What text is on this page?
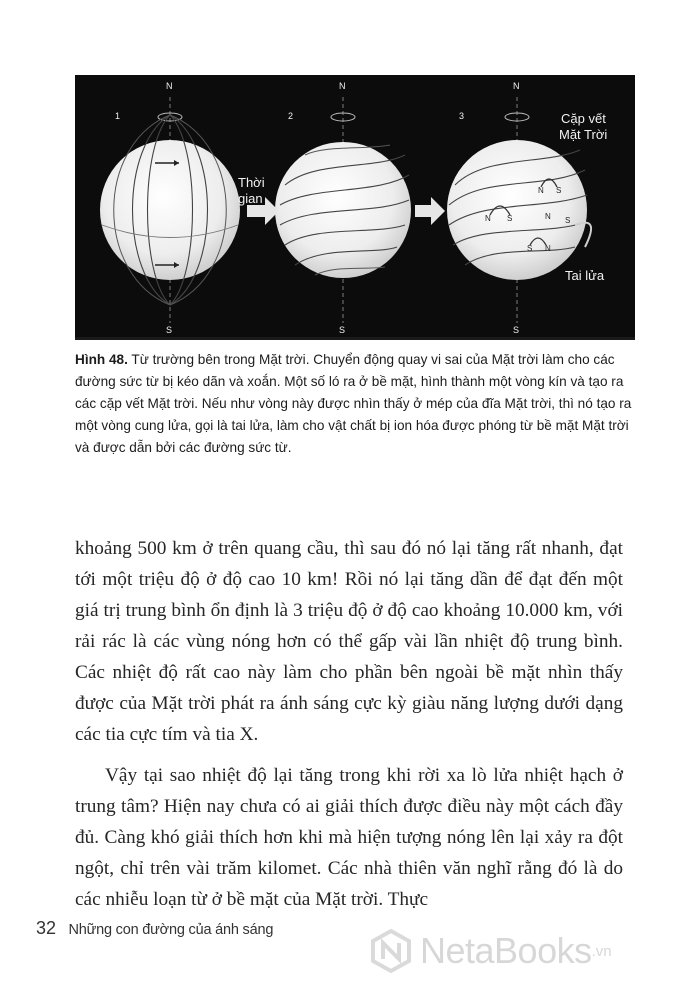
N	N	N
S	S	S
1	2	3
Thời
gian
Cặp vết
Mặt Trời
Tai lửa
N S
N S	N S
S N
Hình 48. Từ trường bên trong Mặt trời. Chuyển động quay vi sai của Mặt trời làm cho các đường sức từ bị kéo dãn và xoắn. Một số ló ra ở bề mặt, hình thành một vòng kín và tạo ra các cặp vết Mặt trời. Nếu như vòng này được nhìn thấy ở mép của đĩa Mặt trời, thì nó tạo ra một vòng cung lửa, gọi là tai lửa, làm cho vật chất bị ion hóa được phóng từ bề mặt Mặt trời và được dẫn bởi các đường sức từ.

khoảng 500 km ở trên quang cầu, thì sau đó nó lại tăng rất nhanh, đạt tới một triệu độ ở độ cao 10 km! Rồi nó lại tăng dần để đạt đến một giá trị trung bình ổn định là 3 triệu độ ở độ cao khoảng 10.000 km, với rải rác là các vùng nóng hơn có thể gấp vài lần nhiệt độ trung bình. Các nhiệt độ rất cao này làm cho phần bên ngoài bề mặt nhìn thấy được của Mặt trời phát ra ánh sáng cực kỳ giàu năng lượng dưới dạng các tia cực tím và tia X.

Vậy tại sao nhiệt độ lại tăng trong khi rời xa lò lửa nhiệt hạch ở trung tâm? Hiện nay chưa có ai giải thích được điều này một cách đầy đủ. Càng khó giải thích hơn khi mà hiện tượng nóng lên lại xảy ra đột ngột, chỉ trên vài trăm kilomet. Các nhà thiên văn nghĩ rằng đó là do các nhiễu loạn từ ở bề mặt của Mặt trời. Thực

32 Những con đường của ánh sáng	NetaBooks .vn
